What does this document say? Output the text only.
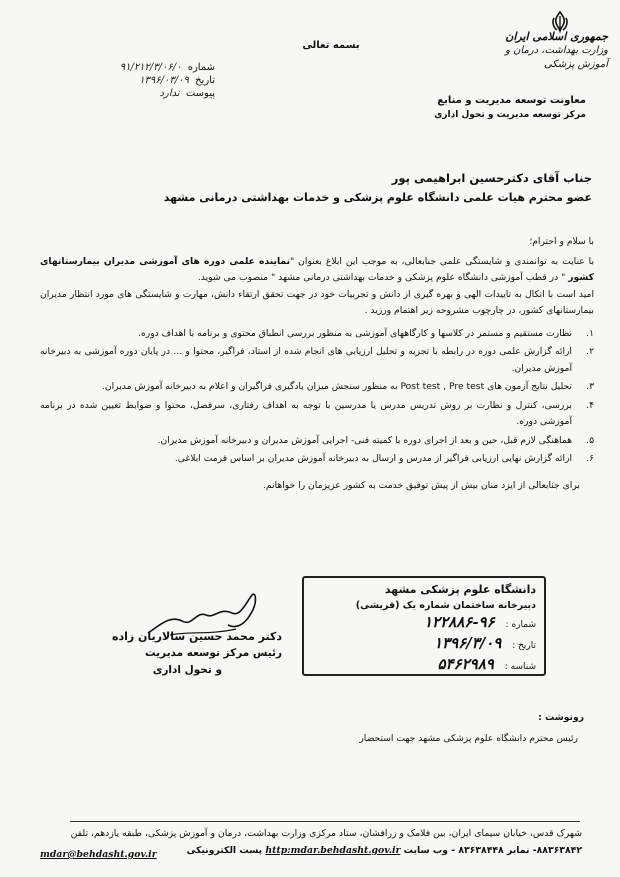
جمهوری اسلامی ایران
وزارت بهداشت، درمان و آموزش پزشکی
بسمه تعالی
شماره ۹۱/۲۱۲/۳/۰۶/۰
تاریخ ۱۳۹۶/۰۳/۰۹
پیوست ندارد
معاونت توسعه مدیریت و منابع
مرکز توسعه مدیریت و تحول اداری
جناب آقای دکترحسین ابراهیمی پور
عضو محترم هیات علمی دانشگاه علوم پزشکی و خدمات بهداشتی درمانی مشهد

با سلام و احترام؛

با عنایت به توانمندی و شایستگی علمی جنابعالی، به موجب این ابلاغ بعنوان "نماینده علمی دوره های آموزشی مدیران بیمارستانهای کشور " در قطب آموزشی دانشگاه علوم پزشکی و خدمات بهداشتی درمانی مشهد " منصوب می شوید.

امید است با اتکال به تاییدات الهی و بهره گیری از دانش و تجربیات خود در جهت تحقق ارتقاء دانش، مهارت و شایستگی های مورد انتظار مدیران بیمارستانهای کشور، در چارچوب مشروحه زیر اهتمام ورزید .

۱.
نظارت مستقیم و مستمر در کلاسها و کارگاههای آموزشی به منظور بررسی انطباق محتوی و برنامه با اهداف دوره.
۲.
ارائه گزارش علمی دوره در رابطه با تجزیه و تحلیل ارزیابی های انجام شده از استاد، فراگیر، محتوا و ... در پایان دوره آموزشی به دبیرخانه آموزش مدیران.
۳.
تحلیل نتایج آزمون های Post test , Pre test به منظور سنجش میزان یادگیری فراگیران و اعلام به دبیرخانه آموزش مدیران.
۴.
بررسی، کنترل و نظارت بر روش تدریس مدرس یا مدرسین با توجه به اهداف رفتاری، سرفصل، محتوا و ضوابط تعیین شده در برنامه آموزشی دوره.
۵.
هماهنگی لازم قبل، حین و بعد از اجرای دوره با کمیته فنی- اجرایی آموزش مدیران و دبیرخانه آموزش مدیران.
۶.
ارائه گزارش نهایی ارزیابی فراگیر از مدرس و ارسال به دبیرخانه آموزش مدیران بر اساس فرمت ابلاغی.

برای جنابعالی از ایزد منان بیش از پیش توفیق خدمت به کشور عزیزمان را خواهانم.

دانشگاه علوم پزشکی مشهد
دبیرخانه ساختمان شماره یک (قریشی)
شماره : ۹۶-۱۲۲۸۸۶
تاریخ : ۱۳۹۶/۳/۰۹
شناسه : ۵۴۶۲۹۸۹
دکتر محمد حسین سالاریان زاده
رئیس مرکز توسعه مدیریت
و تحول اداری
رونوشت :
رئیس محترم دانشگاه علوم پزشکی مشهد جهت استحضار
شهرک قدس، خیابان سیمای ایران، بین فلامک و زرافشان، ستاد مرکزی وزارت بهداشت، درمان و آموزش پزشکی، طبقه یازدهم، تلفن
۸۸۳۶۳۸۴۲- نمابر ۸۳۶۳۸۴۴۸ - وب سایت http:mdar.behdasht.gov.ir پست الکترونیکی
mdar@behdasht.gov.ir
